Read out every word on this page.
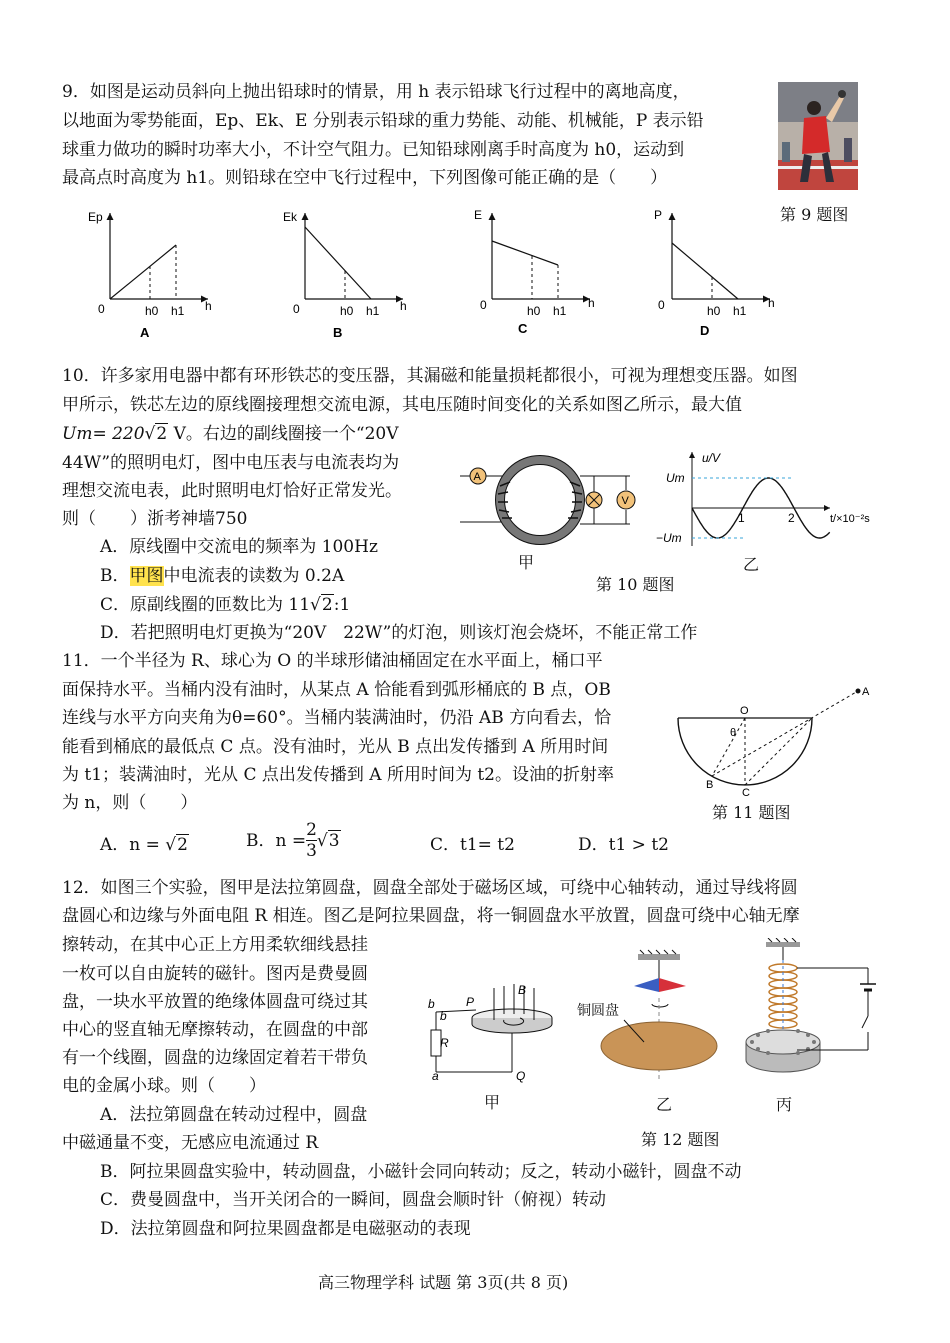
9．如图是运动员斜向上抛出铅球时的情景，用 h 表示铅球飞行过程中的离地高度，
以地面为零势能面，Ep、Ek、E 分别表示铅球的重力势能、动能、机械能，P 表示铅
球重力做功的瞬时功率大小，不计空气阻力。已知铅球刚离手时高度为 h0，运动到
最高点时高度为 h1。则铅球在空中飞行过程中，下列图像可能正确的是（　　）
第 9 题图
Ep
0	h0 h1 h
A
Ek
0	h0 h1 h
B
E
0	h0 h1
h
C
P
0	h0 h1
h
D
10．许多家用电器中都有环形铁芯的变压器，其漏磁和能量损耗都很小，可视为理想变压器。如图
甲所示，铁芯左边的原线圈接理想交流电源，其电压随时间变化的关系如图乙所示，最大值
Um= 220√2 V。右边的副线圈接一个“20V
44W”的照明电灯，图中电压表与电流表均为
理想交流电表，此时照明电灯恰好正常发光。
则（　　）浙考神墙750
A．原线圈中交流电的频率为 100Hz
B．甲图中电流表的读数为 0.2A
C．原副线圈的匝数比为 11√2:1
D．若把照明电灯更换为“20V　22W”的灯泡，则该灯泡会烧坏，不能正常工作
A
V
甲
u/V
Um
−Um
1	2	t/×10⁻²s
乙
第 10 题图
11．一个半径为 R、球心为 O 的半球形储油桶固定在水平面上，桶口平
面保持水平。当桶内没有油时，从某点 A 恰能看到弧形桶底的 B 点，OB
连线与水平方向夹角为θ=60°。当桶内装满油时，仍沿 AB 方向看去，恰
能看到桶底的最低点 C 点。没有油时，光从 B 点出发传播到 A 所用时间
为 t1；装满油时，光从 C 点出发传播到 A 所用时间为 t2。设油的折射率
为 n，则（　　）
A．n = √2	B．$n = \frac{2}{3} √3$	C．t1= t2	D．t1 > t2
O
A
B
C
θ
第 11 题图
12．如图三个实验，图甲是法拉第圆盘，圆盘全部处于磁场区域，可绕中心轴转动，通过导线将圆
盘圆心和边缘与外面电阻 R 相连。图乙是阿拉果圆盘，将一铜圆盘水平放置，圆盘可绕中心轴无摩
擦转动，在其中心正上方用柔软细线悬挂
一枚可以自由旋转的磁针。图丙是费曼圆
盘，一块水平放置的绝缘体圆盘可绕过其
中心的竖直轴无摩擦转动，在圆盘的中部
有一个线圈，圆盘的边缘固定着若干带负
电的金属小球。则（　　）
A．法拉第圆盘在转动过程中，圆盘
中磁通量不变，无感应电流通过 R
B．阿拉果圆盘实验中，转动圆盘，小磁针会同向转动；反之，转动小磁针，圆盘不动
C．费曼圆盘中，当开关闭合的一瞬间，圆盘会顺时针（俯视）转动
D．法拉第圆盘和阿拉果圆盘都是电磁驱动的表现
b
b
R
a
P
Q
B
甲
铜圆盘
乙	丙
第 12 题图
高三物理学科 试题 第 3页(共 8 页)
